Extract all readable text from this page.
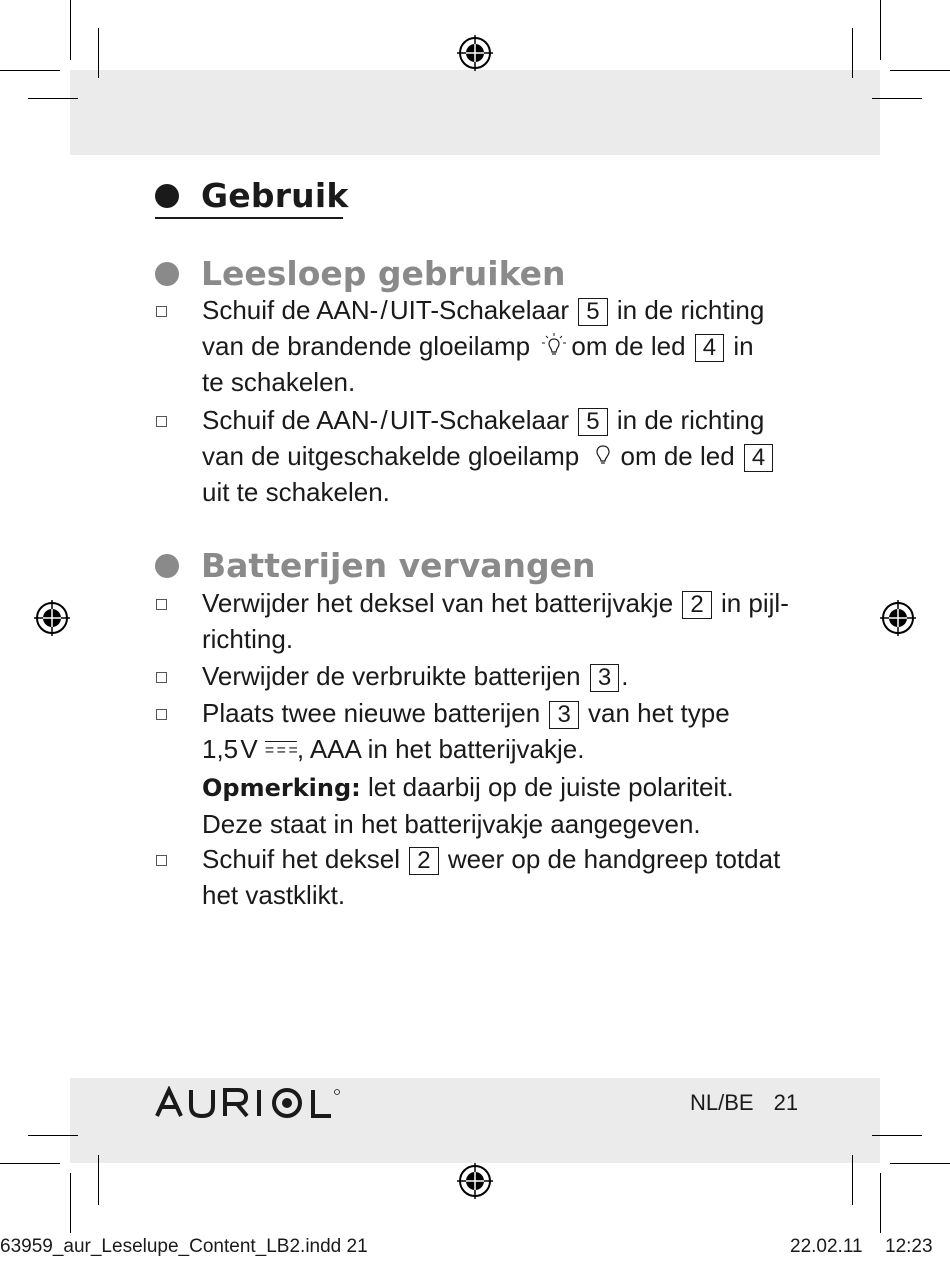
Gebruik
Leesloep gebruiken
Schuif de AAN- / UIT-Schakelaar 5 in de richting
van de brandende gloeilamp om de led 4 in
te schakelen.
Schuif de AAN- / UIT-Schakelaar 5 in de richting
van de uitgeschakelde gloeilamp om de led 4
uit te schakelen.
Batterijen vervangen
Verwijder het deksel van het batterijvakje 2 in pijl-
richting.
Verwijder de verbruikte batterijen 3 .
Plaats twee nieuwe batterijen 3 van het type
1,5 V = = =, AAA in het batterijvakje.
Opmerking: let daarbij op de juiste polariteit.
Deze staat in het batterijvakje aangegeven.
Schuif het deksel 2 weer op de handgreep totdat
het vastklikt.
NL/BE 21
63959_aur_Leselupe_Content_LB2.indd 21	22.02.11 12:23
